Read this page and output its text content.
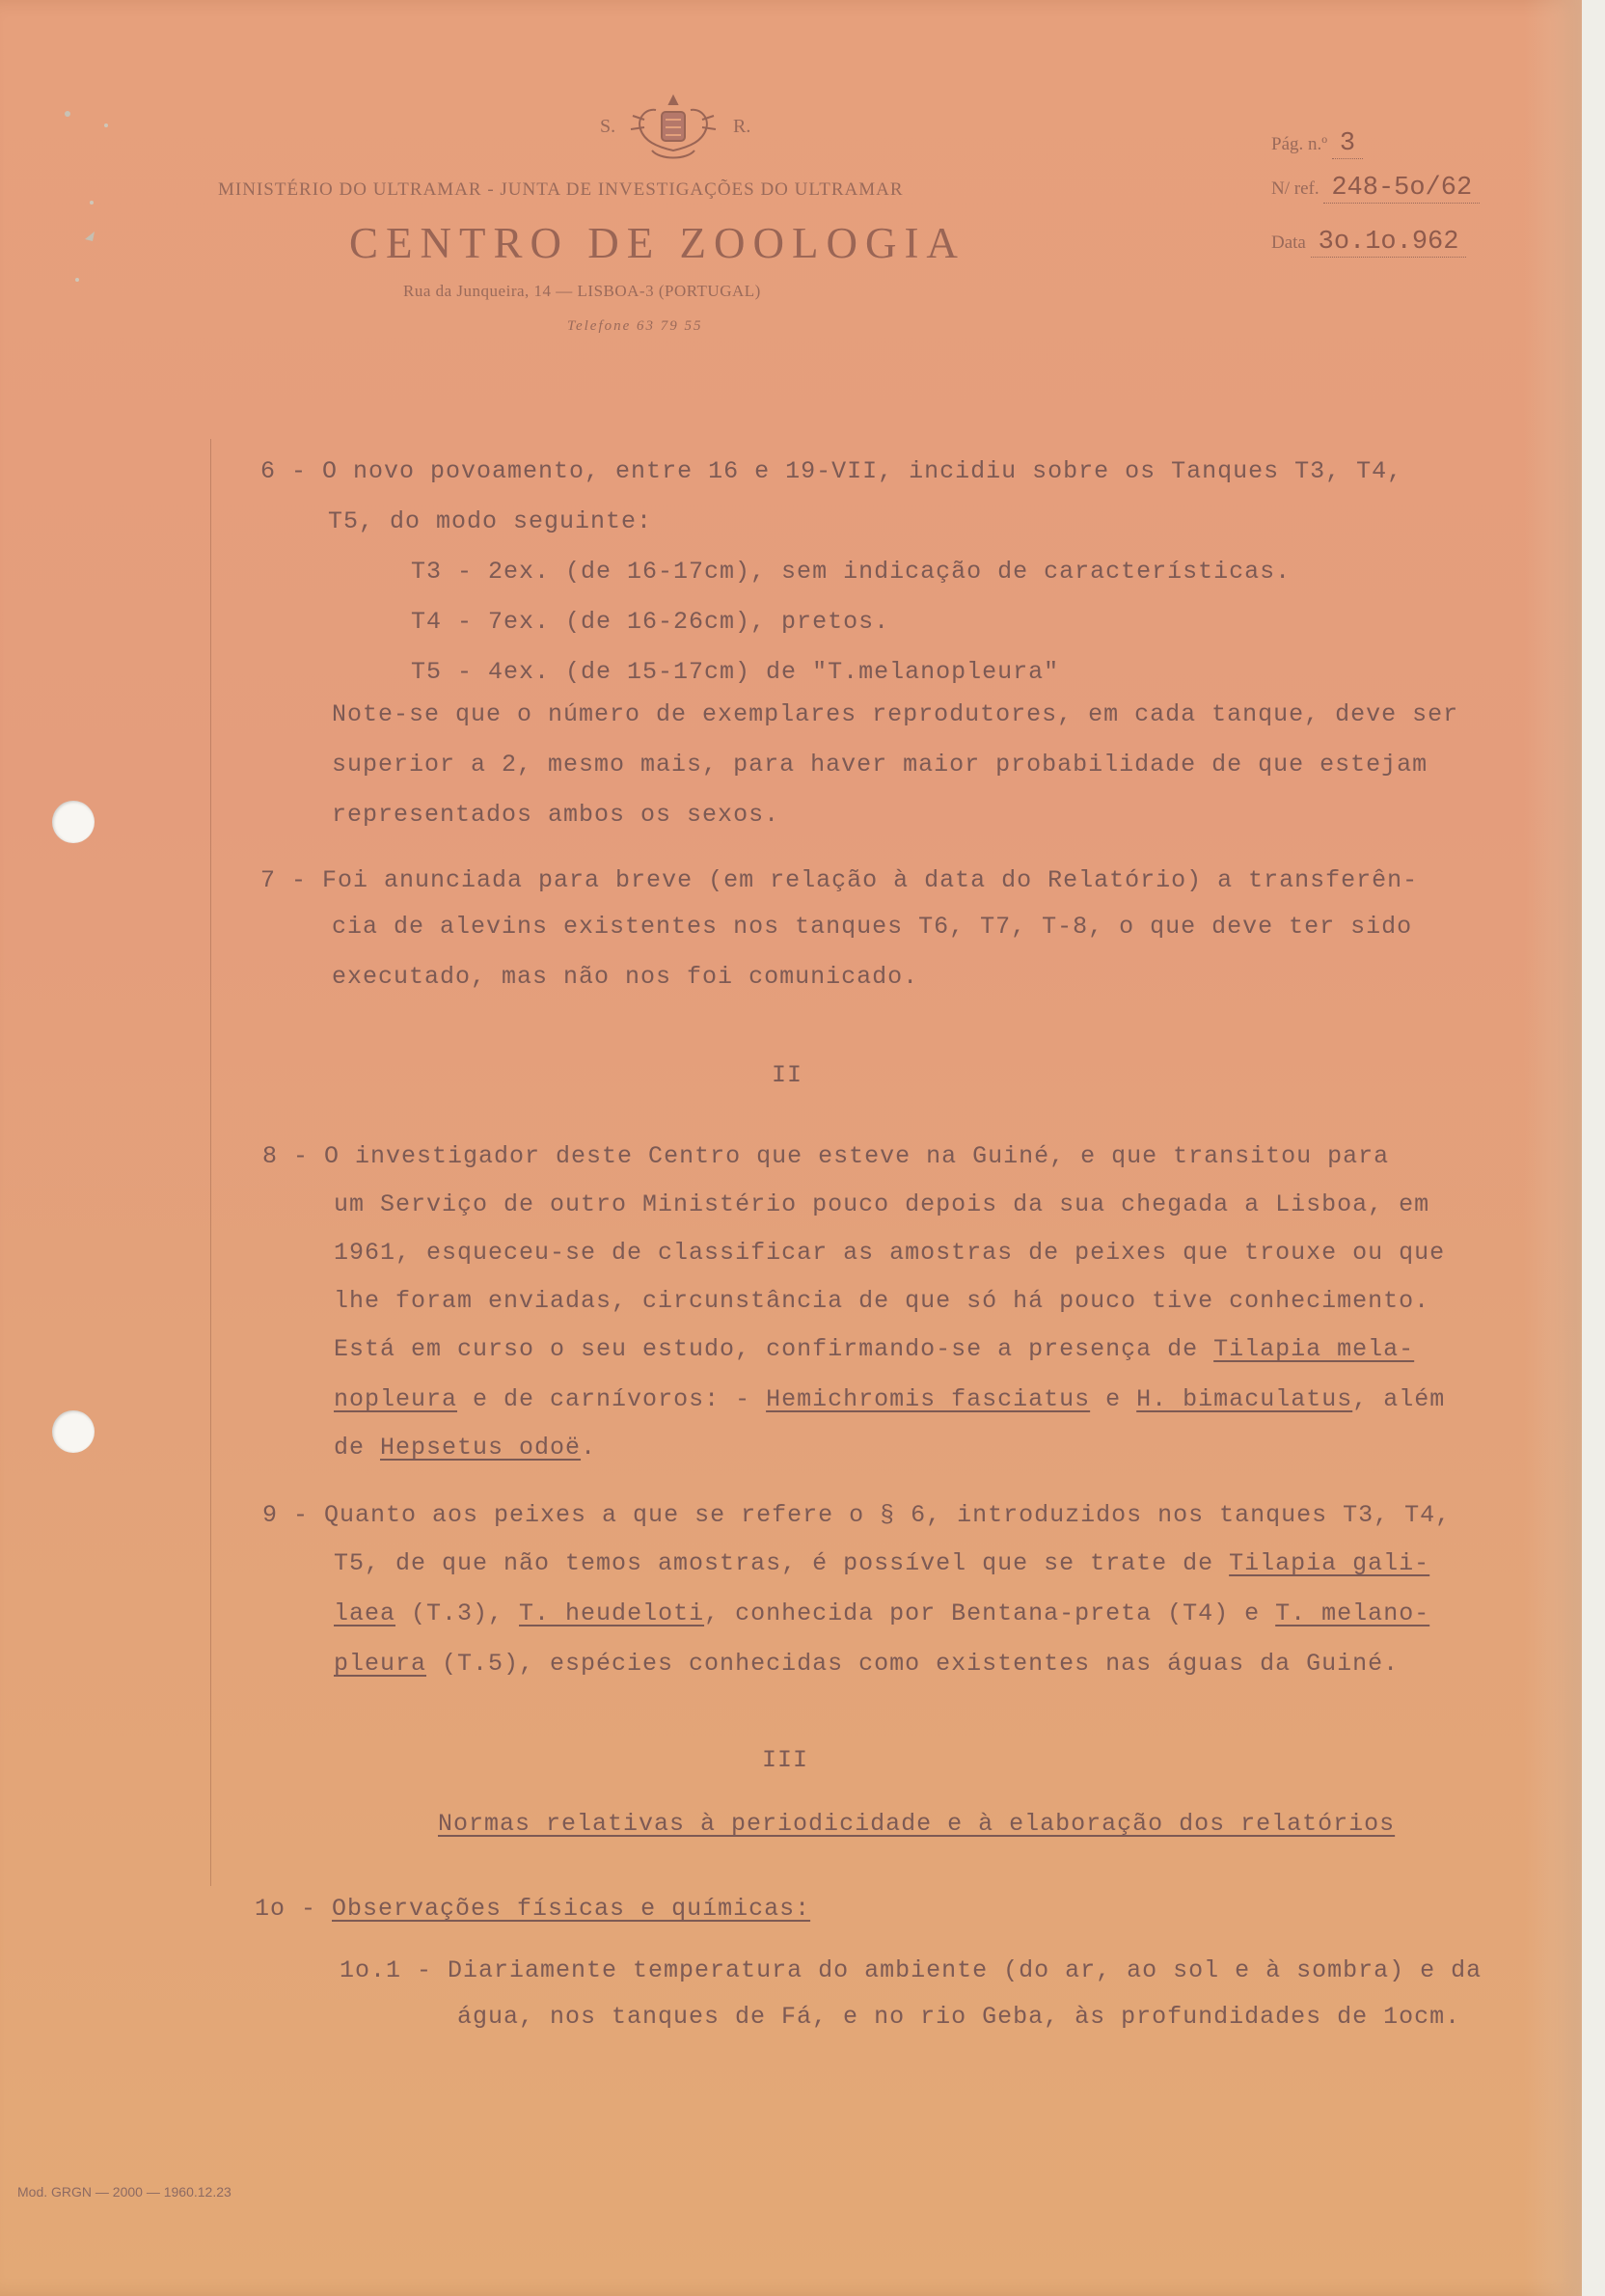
S.	R.
MINISTÉRIO DO ULTRAMAR - JUNTA DE INVESTIGAÇÕES DO ULTRAMAR
CENTRO DE ZOOLOGIA
Rua da Junqueira, 14 — LISBOA-3 (PORTUGAL)
Telefone 63 79 55
Pág. n.º 3
N/ ref. 248-5o/62
Data 3o.1o.962
6 - O novo povoamento, entre 16 e 19-VII, incidiu sobre os Tanques T3, T4,
T5, do modo seguinte:
T3 - 2ex. (de 16-17cm), sem indicação de características.
T4 - 7ex. (de 16-26cm), pretos.
T5 - 4ex. (de 15-17cm) de "T.melanopleura"
Note-se que o número de exemplares reprodutores, em cada tanque, deve ser
superior a 2, mesmo mais, para haver maior probabilidade de que estejam
representados ambos os sexos.
7 - Foi anunciada para breve (em relação à data do Relatório) a transferên-
cia de alevins existentes nos tanques T6, T7, T-8, o que deve ter sido
executado, mas não nos foi comunicado.
II
8 - O investigador deste Centro que esteve na Guiné, e que transitou para
um Serviço de outro Ministério pouco depois da sua chegada a Lisboa, em
1961, esqueceu-se de classificar as amostras de peixes que trouxe ou que
lhe foram enviadas, circunstância de que só há pouco tive conhecimento.
Está em curso o seu estudo, confirmando-se a presença de Tilapia mela-
nopleura e de carnívoros: - Hemichromis fasciatus e H. bimaculatus, além
de Hepsetus odoë.
9 - Quanto aos peixes a que se refere o § 6, introduzidos nos tanques T3, T4,
T5, de que não temos amostras, é possível que se trate de Tilapia gali-
laea (T.3), T. heudeloti, conhecida por Bentana-preta (T4) e T. melano-
pleura (T.5), espécies conhecidas como existentes nas águas da Guiné.
III
Normas relativas à periodicidade e à elaboração dos relatórios
1o - Observações físicas e químicas:
1o.1 - Diariamente temperatura do ambiente (do ar, ao sol e à sombra) e da
água, nos tanques de Fá, e no rio Geba, às profundidades de 1ocm.
Mod. GRGN — 2000 — 1960.12.23
